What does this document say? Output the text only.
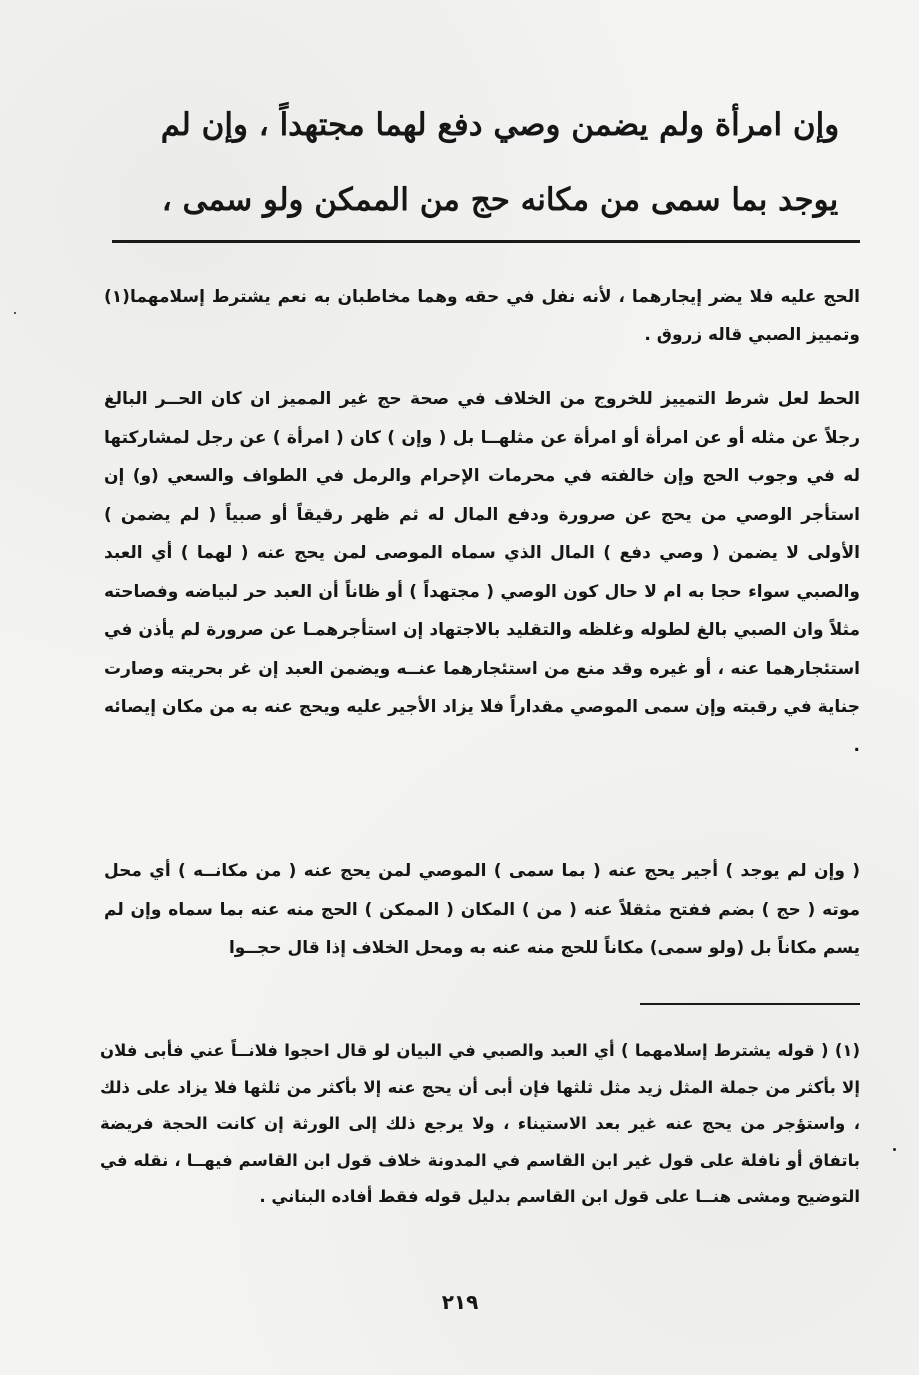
وإن امرأة ولم يضمن وصي دفع لهما مجتهداً ، وإن لم
يوجد بما سمى من مكانه حج من الممكن ولو سمى ،

الحج عليه فلا يضر إيجارهما ، لأنه نفل في حقه وهما مخاطبان به نعم يشترط إسلامهما(١) وتمييز الصبي قاله زروق .

الحط لعل شرط التمييز للخروج من الخلاف في صحة حج غير المميز ان كان الحــر البالغ رجلاً عن مثله أو عن امرأة أو امرأة عن مثلهــا بل ( وإن ) كان ( امرأة ) عن رجل لمشاركتها له في وجوب الحج وإن خالفته في محرمات الإحرام والرمل في الطواف والسعي (و) إن استأجر الوصي من يحج عن صرورة ودفع المال له ثم ظهر رقيقاً أو صبياً ( لم يضمن ) الأولى لا يضمن ( وصي دفع ) المال الذي سماه الموصى لمن يحج عنه ( لهما ) أي العبد والصبي سواء حجا به ام لا حال كون الوصي ( مجتهداً ) أو ظاناً أن العبد حر لبياضه وفصاحته مثلاً وان الصبي بالغ لطوله وغلظه والتقليد بالاجتهاد إن استأجرهمـا عن صرورة لم يأذن في استئجارهما عنه ، أو غيره وقد منع من استئجارهما عنــه ويضمن العبد إن غر بحريته وصارت جناية في رقبته وإن سمى الموصي مقداراً فلا يزاد الأجير عليه ويحج عنه به من مكان إيصائه .

( وإن لم يوجد ) أجير يحج عنه ( بما سمى ) الموصي لمن يحج عنه ( من مكانــه ) أي محل موته ( حج ) بضم ففتح مثقلاً عنه ( من ) المكان ( الممكن ) الحج منه عنه بما سماه وإن لم يسم مكاناً بل (ولو سمى) مكاناً للحج منه عنه به ومحل الخلاف إذا قال حجــوا

(١) ( قوله يشترط إسلامهما ) أي العبد والصبي في البيان لو قال احجوا فلانــاً عني فأبى فلان إلا بأكثر من جملة المثل زيد مثل ثلثها فإن أبى أن يحج عنه إلا بأكثر من ثلثها فلا يزاد على ذلك ، واستؤجر من يحج عنه غير بعد الاستيناء ، ولا يرجع ذلك إلى الورثة إن كانت الحجة فريضة باتفاق أو نافلة على قول غير ابن القاسم في المدونة خلاف قول ابن القاسم فيهــا ، نقله في التوضيح ومشى هنــا على قول ابن القاسم بدليل قوله فقط أفاده البناني .

٢١٩
